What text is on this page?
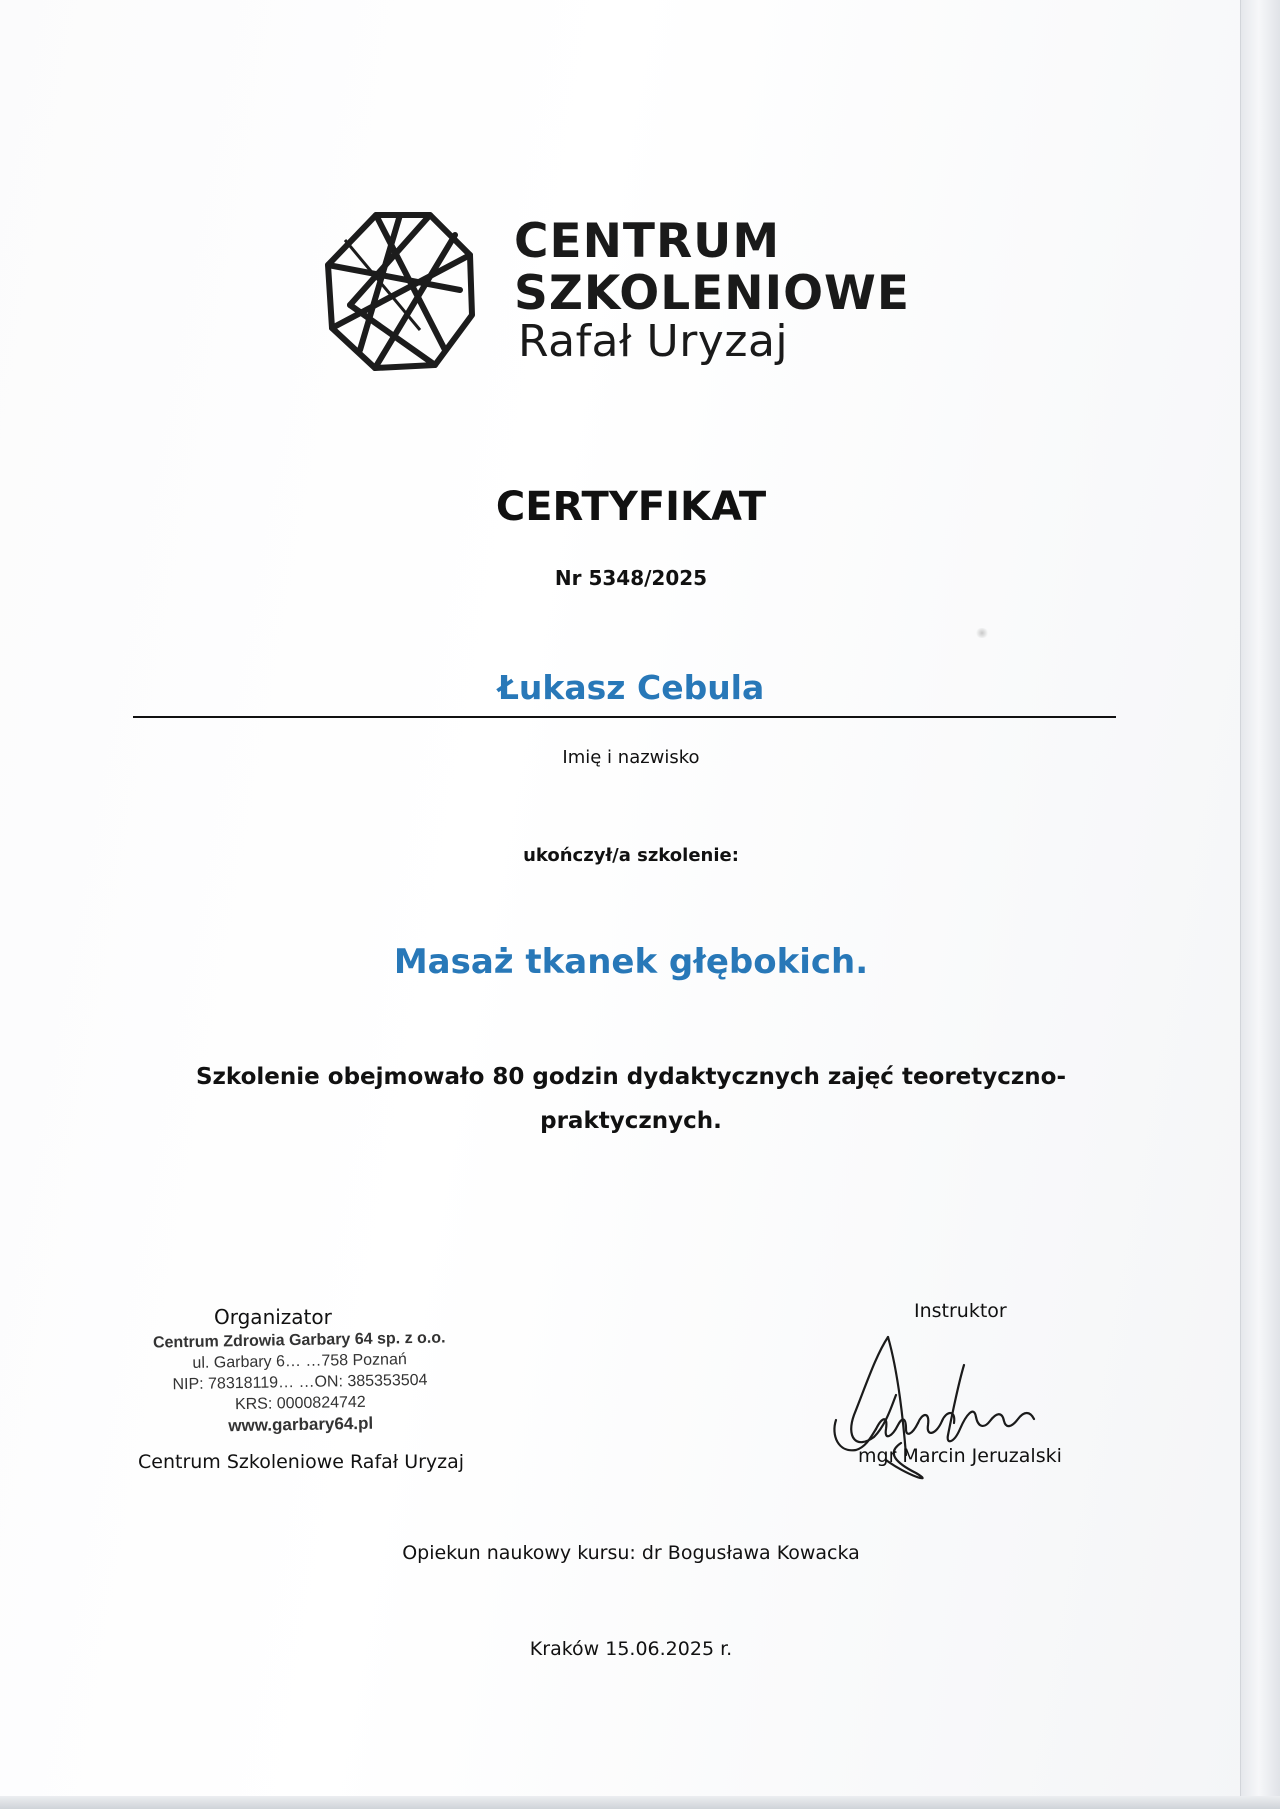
CENTRUM
SZKOLENIOWE
Rafał Uryzaj
CERTYFIKAT
Nr 5348/2025
Łukasz Cebula
Imię i nazwisko
ukończył/a szkolenie:
Masaż tkanek głębokich.
Szkolenie obejmowało 80 godzin dydaktycznych zajęć teoretyczno-
praktycznych.
Organizator
Centrum Zdrowia Garbary 64 sp. z o.o.
ul. Garbary 6… …758 Poznań
NIP: 78318119… …ON: 385353504
KRS: 0000824742
www.garbary64.pl
Centrum Szkoleniowe Rafał Uryzaj
Instruktor
mgr Marcin Jeruzalski
Opiekun naukowy kursu: dr Bogusława Kowacka
Kraków 15.06.2025 r.
